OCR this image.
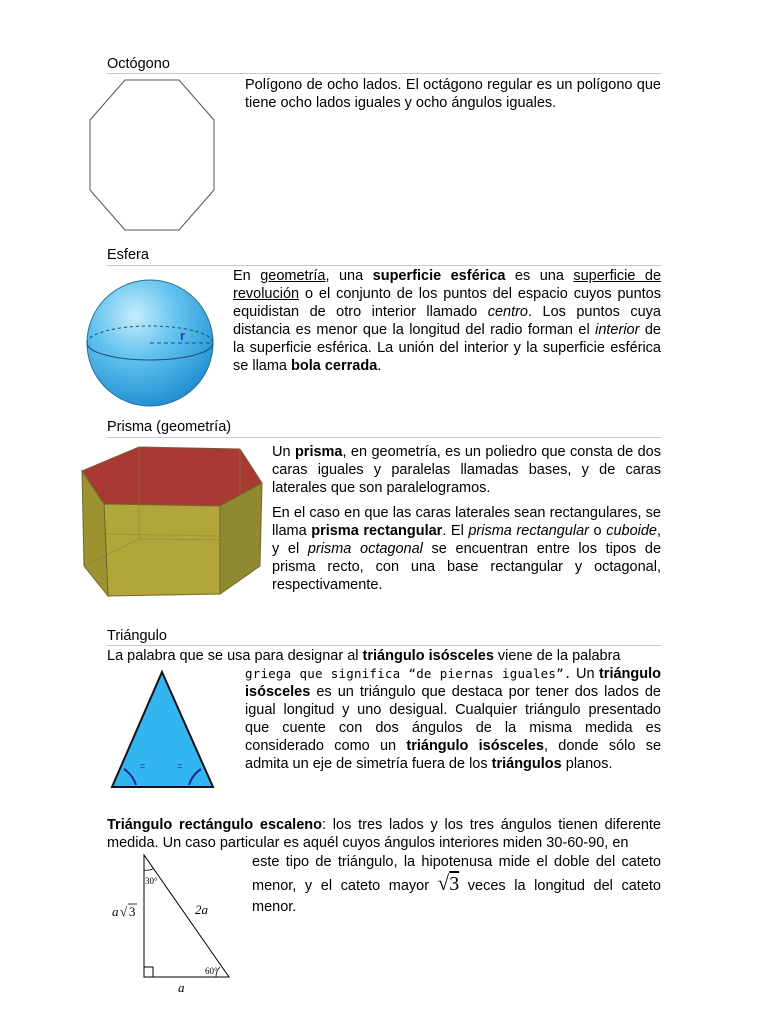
Octógono

Polígono de ocho lados. El octágono regular es un polígono que tiene ocho lados iguales y ocho ángulos iguales.

Esfera
r

En geometría, una superficie esférica es una superficie de revolución o el conjunto de los puntos del espacio cuyos puntos equidistan de otro interior llamado centro. Los puntos cuya distancia es menor que la longitud del radio forman el interior de la superficie esférica. La unión del interior y la superficie esférica se llama bola cerrada.

Prisma (geometría)

Un prisma, en geometría, es un poliedro que consta de dos caras iguales y paralelas llamadas bases, y de caras laterales que son paralelogramos.

En el caso en que las caras laterales sean rectangulares, se llama prisma rectangular. El prisma rectangular o cuboide, y el prisma octagonal se encuentran entre los tipos de prisma recto, con una base rectangular y octagonal, respectivamente.

Triángulo

La palabra que se usa para designar al triángulo isósceles viene de la palabra

=	=

griega que significa “de piernas iguales”. Un triángulo isósceles es un triángulo que destaca por tener dos lados de igual longitud y uno desigual. Cualquier triángulo presentado que cuente con dos ángulos de la misma medida es considerado como un triángulo isósceles, donde sólo se admita un eje de simetría fuera de los triángulos planos.

Triángulo rectángulo escaleno: los tres lados y los tres ángulos tienen diferente medida. Un caso particular es aquél cuyos ángulos interiores miden 30-60-90, en

30°
60°
a √ 3	2a
a

este tipo de triángulo, la hipotenusa mide el doble del cateto menor, y el cateto mayor √3 veces la longitud del cateto menor.
